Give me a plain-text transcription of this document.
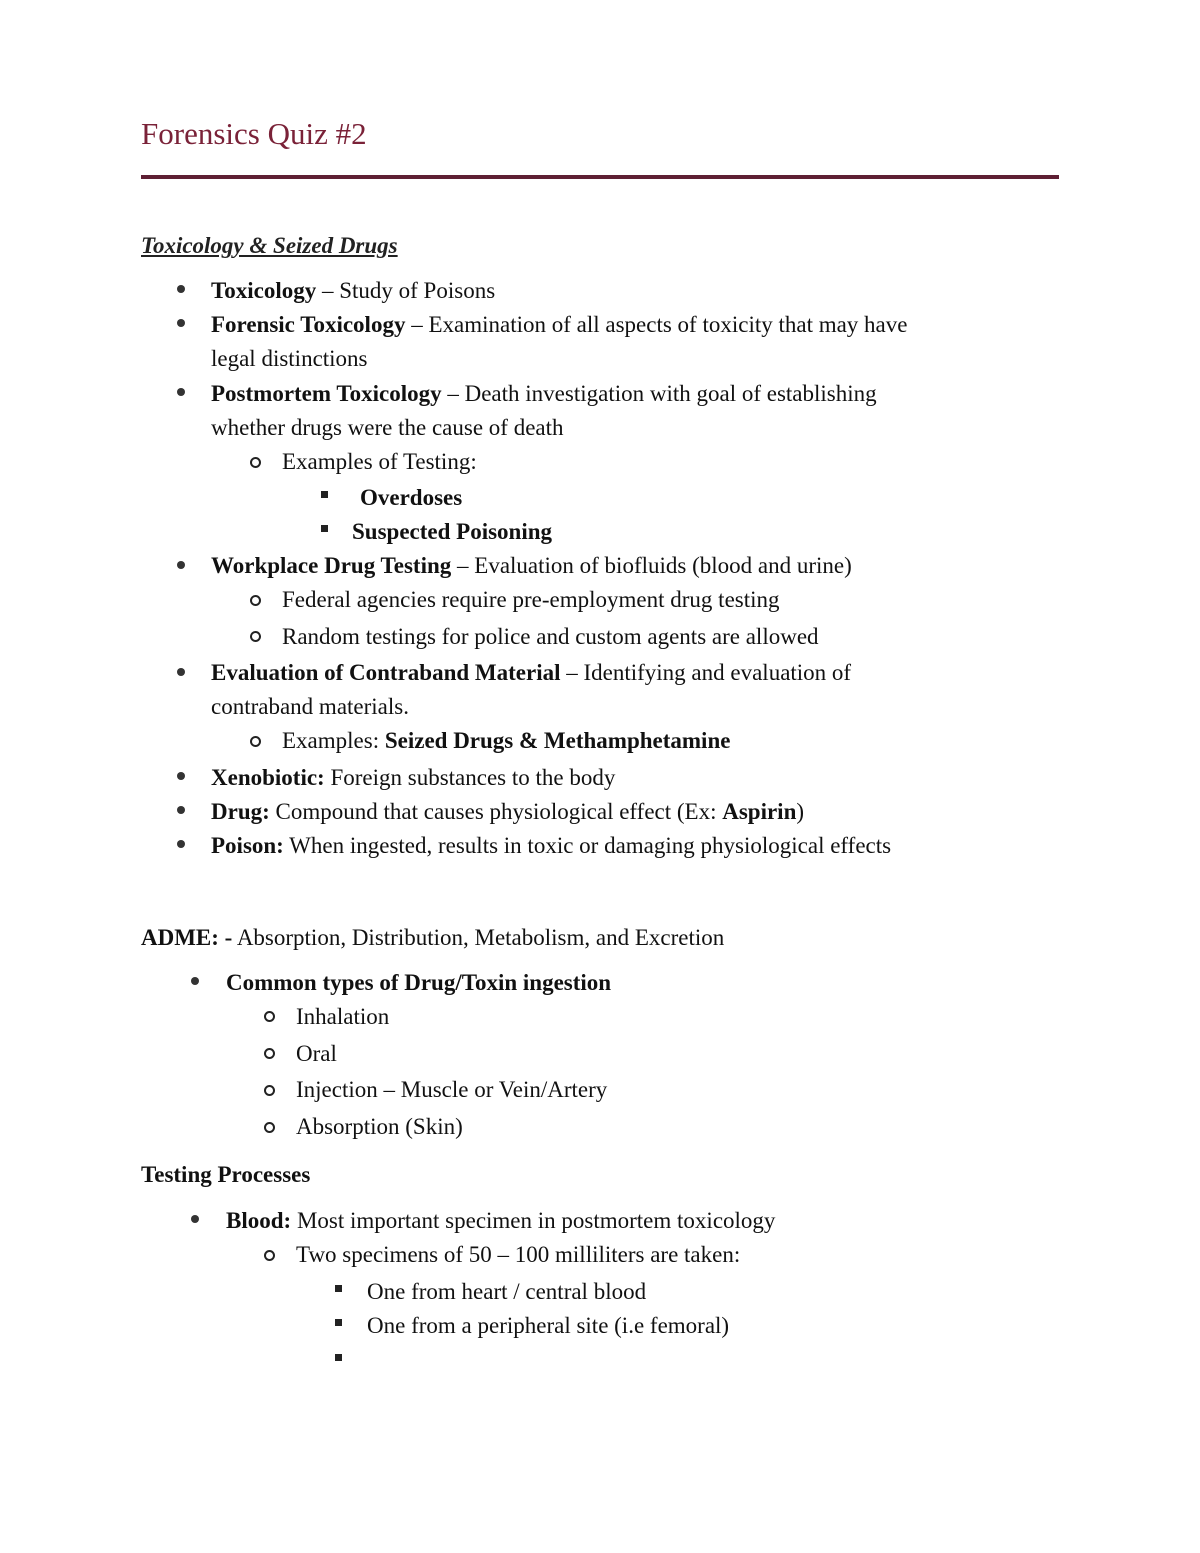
Forensics Quiz #2
Toxicology & Seized Drugs
Toxicology – Study of Poisons
Forensic Toxicology – Examination of all aspects of toxicity that may have
legal distinctions
Postmortem Toxicology – Death investigation with goal of establishing
whether drugs were the cause of death
Examples of Testing:
Overdoses
Suspected Poisoning
Workplace Drug Testing – Evaluation of biofluids (blood and urine)
Federal agencies require pre-employment drug testing
Random testings for police and custom agents are allowed
Evaluation of Contraband Material – Identifying and evaluation of
contraband materials.
Examples: Seized Drugs & Methamphetamine
Xenobiotic: Foreign substances to the body
Drug: Compound that causes physiological effect (Ex: Aspirin)
Poison: When ingested, results in toxic or damaging physiological effects
ADME: - Absorption, Distribution, Metabolism, and Excretion
Common types of Drug/Toxin ingestion
Inhalation
Oral
Injection – Muscle or Vein/Artery
Absorption (Skin)
Testing Processes
Blood: Most important specimen in postmortem toxicology
Two specimens of 50 – 100 milliliters are taken:
One from heart / central blood
One from a peripheral site (i.e femoral)
